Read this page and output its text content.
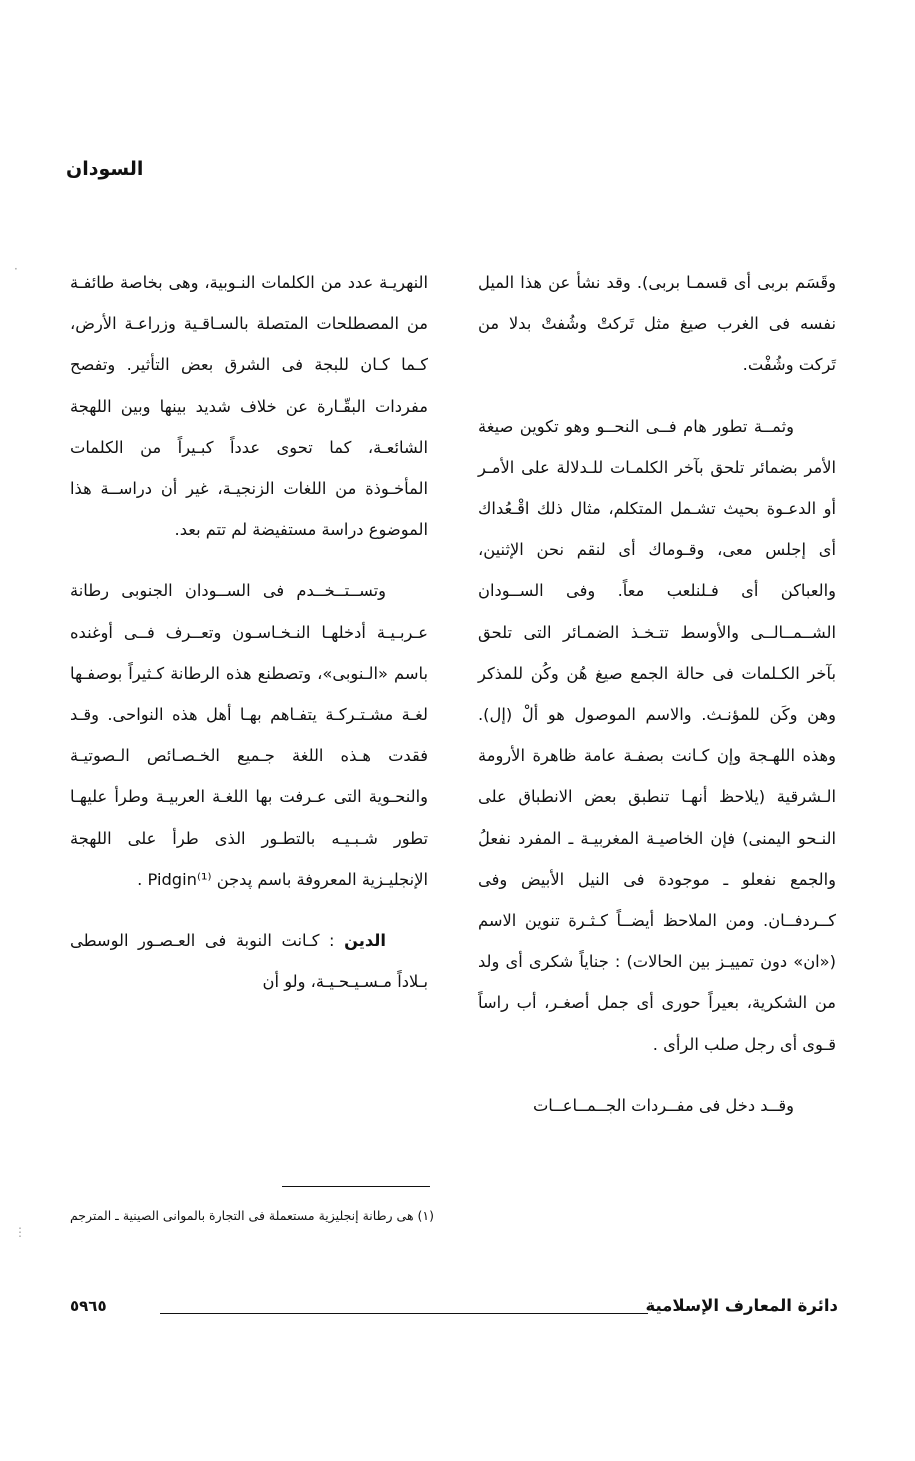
السودان

وقَسَم بربى أى قسمـا بربى). وقد نشأ عن هذا الميل نفسه فى الغرب صيغ مثل تَركتْ وشُفتْ بدلا من تَركت وشُفْت.

وثمــة تطور هام فــى النحــو وهو تكوين صيغة الأمر بضمائر تلحق بآخر الكلمـات للـدلالة على الأمـر أو الدعـوة بحيث تشـمل المتكلم، مثال ذلك اقْـعُداك أى إجلس معى، وقـوماك أى لنقم نحن الإثنين، والعباكن أى فـلنلعب معاً. وفى الســودان الشــمــالــى والأوسط تتـخـذ الضمـائر التى تلحق بآخر الكـلمات فى حالة الجمع صيغ هُن وكُن للمذكر وهن وكَن للمؤنـث. والاسم الموصول هو ألْ (إل). وهذه اللهـجة وإن كـانت بصفـة عامة ظاهرة الأرومة الـشرقية (يلاحظ أنهـا تنطبق بعض الانطباق على النـحو اليمنى) فإن الخاصيـة المغربيـة ـ المفرد نفعلُ والجمع نفعلو ـ موجودة فى النيل الأبيض وفى كــردفــان. ومن الملاحظ أيضــاً كـثـرة تنوين الاسم («ان» دون تمييـز بين الحالات) : جناياً شكرى أى ولد من الشكرية، بعيراً حورى أى جمل أصغـر، أب راساً قـوى أى رجل صلب الرأى .

وقــد دخل فى مفــردات الجــمــاعــات

النهريـة عدد من الكلمات النـوبية، وهى بخاصة طائفـة من المصطلحات المتصلة بالسـاقـية وزراعـة الأرض، كـما كـان للبجة فى الشرق بعض التأثير. وتفصح مفردات البقّـارة عن خلاف شديد بينها وبين اللهجة الشائعـة، كما تحوى عدداً كبـيراً من الكلمات المأخـوذة من اللغات الزنجيـة، غير أن دراســة هذا الموضوع دراسة مستفيضة لم تتم بعد.

وتســتــخــدم فى الســودان الجنوبى رطانة عـربـيـة أدخلهـا النـخـاسـون وتعــرف فــى أوغنده باسم «الـنوبى»، وتصطنع هذه الرطانة كـثيراً بوصفـها لغـة مشـتـركـة يتفـاهم بهـا أهل هذه النواحى. وقـد فقدت هـذه اللغة جـميع الخـصـائص الـصوتيـة والنحـوية التى عـرفت بها اللغـة العربيـة وطرأ عليهـا تطور شـبـيـه بالتطـور الذى طرأ على اللهجة الإنجليـزية المعروفة باسم پدجن Pidgin⁽¹⁾ .

الدين : كـانت النوبة فى العـصـور الوسطى بـلاداً مـسـيـحـيـة، ولو أن

(١) هى رطانة إنجليزية مستعملة فى التجارة بالموانى الصينية ـ المترجم
دائرة المعارف الإسلامية
٥٩٦٥
·
⋮
